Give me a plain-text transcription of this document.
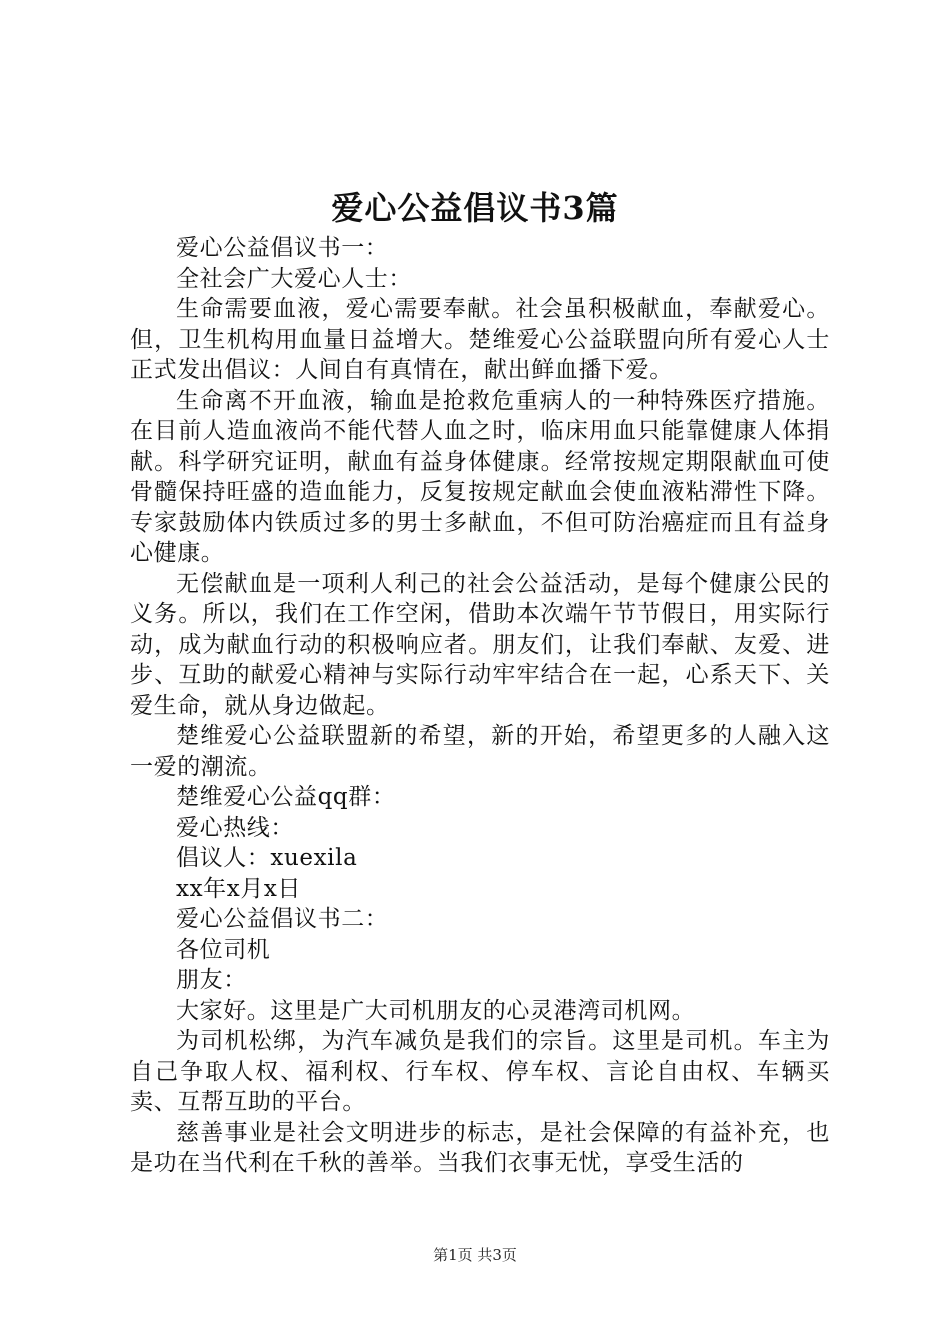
爱心公益倡议书3篇

爱心公益倡议书一：

全社会广大爱心人士：

生命需要血液，爱心需要奉献。社会虽积极献血，奉献爱心。但，卫生机构用血量日益增大。楚维爱心公益联盟向所有爱心人士正式发出倡议：人间自有真情在，献出鲜血播下爱。

生命离不开血液，输血是抢救危重病人的一种特殊医疗措施。在目前人造血液尚不能代替人血之时，临床用血只能靠健康人体捐献。科学研究证明，献血有益身体健康。经常按规定期限献血可使骨髓保持旺盛的造血能力，反复按规定献血会使血液粘滞性下降。专家鼓励体内铁质过多的男士多献血，不但可防治癌症而且有益身心健康。

无偿献血是一项利人利己的社会公益活动，是每个健康公民的义务。所以，我们在工作空闲，借助本次端午节节假日，用实际行动，成为献血行动的积极响应者。朋友们，让我们奉献、友爱、进步、互助的献爱心精神与实际行动牢牢结合在一起，心系天下、关爱生命，就从身边做起。

楚维爱心公益联盟新的希望，新的开始，希望更多的人融入这一爱的潮流。

楚维爱心公益qq群：

爱心热线：

倡议人：xuexila

xx年x月x日

爱心公益倡议书二：

各位司机

朋友：

大家好。这里是广大司机朋友的心灵港湾司机网。

为司机松绑，为汽车减负是我们的宗旨。这里是司机。车主为自己争取人权、福利权、行车权、停车权、言论自由权、车辆买卖、互帮互助的平台。

慈善事业是社会文明进步的标志，是社会保障的有益补充，也是功在当代利在千秋的善举。当我们衣事无忧，享受生活的

第1页 共3页
